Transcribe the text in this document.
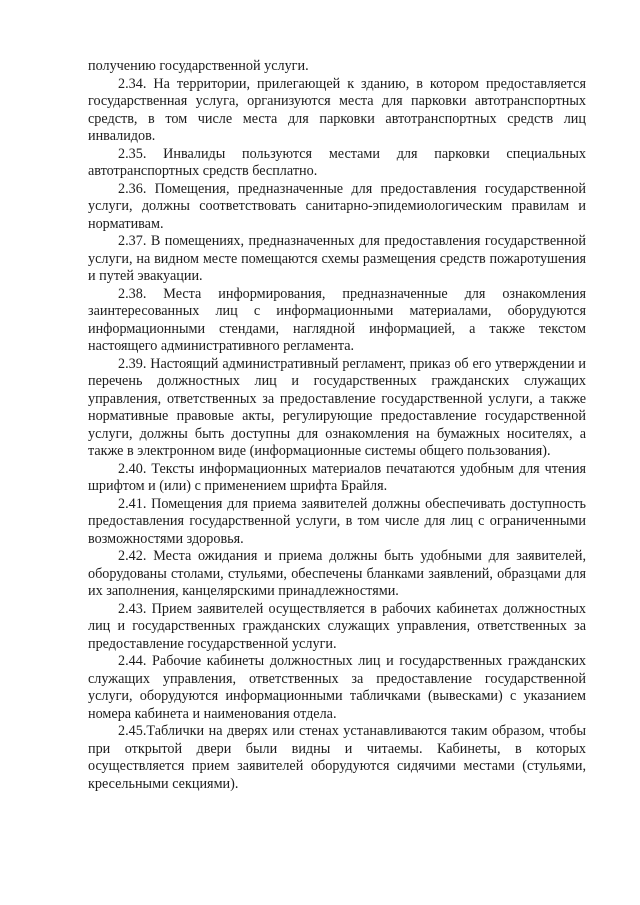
получению государственной услуги.

2.34. На территории, прилегающей к зданию, в котором предоставляется государственная услуга, организуются места для парковки автотранспортных средств, в том числе места для парковки автотранспортных средств лиц инвалидов.

2.35. Инвалиды пользуются местами для парковки специальных автотранспортных средств бесплатно.

2.36. Помещения, предназначенные для предоставления государственной услуги, должны соответствовать санитарно-эпидемиологическим правилам и нормативам.

2.37. В помещениях, предназначенных для предоставления государственной услуги, на видном месте помещаются схемы размещения средств пожаротушения и путей эвакуации.

2.38. Места информирования, предназначенные для ознакомления заинтересованных лиц с информационными материалами, оборудуются информационными стендами, наглядной информацией, а также текстом настоящего административного регламента.

2.39. Настоящий административный регламент, приказ об его утверждении и перечень должностных лиц и государственных гражданских служащих управления, ответственных за предоставление государственной услуги, а также нормативные правовые акты, регулирующие предоставление государственной услуги, должны быть доступны для ознакомления на бумажных носителях, а также в электронном виде (информационные системы общего пользования).

2.40. Тексты информационных материалов печатаются удобным для чтения шрифтом и (или) с применением шрифта Брайля.

2.41. Помещения для приема заявителей должны обеспечивать доступность предоставления государственной услуги, в том числе для лиц с ограниченными возможностями здоровья.

2.42. Места ожидания и приема должны быть удобными для заявителей, оборудованы столами, стульями, обеспечены бланками заявлений, образцами для их заполнения, канцелярскими принадлежностями.

2.43. Прием заявителей осуществляется в рабочих кабинетах должностных лиц и государственных гражданских служащих управления, ответственных за предоставление государственной услуги.

2.44. Рабочие кабинеты должностных лиц и государственных гражданских служащих управления, ответственных за предоставление государственной услуги, оборудуются информационными табличками (вывесками) с указанием номера кабинета и наименования отдела.

2.45.Таблички на дверях или стенах устанавливаются таким образом, чтобы при открытой двери были видны и читаемы. Кабинеты, в которых осуществляется прием заявителей оборудуются сидячими местами (стульями, кресельными секциями).
